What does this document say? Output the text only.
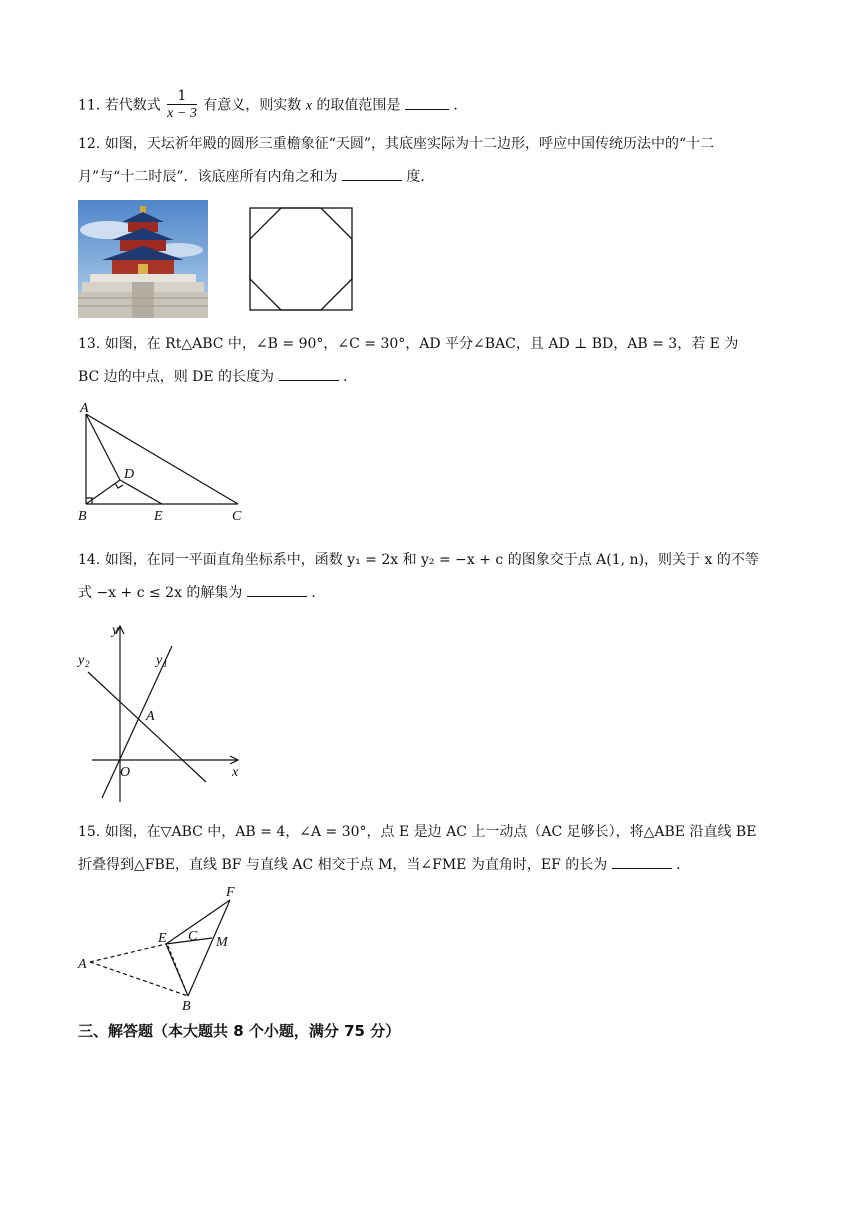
11. 若代数式 $\frac{1}{x - 3}$ 有意义，则实数 x 的取值范围是	.
12. 如图，天坛祈年殿的圆形三重檐象征“天圆”，其底座实际为十二边形，呼应中国传统历法中的“十二
月”与“十二时辰”．该底座所有内角之和为	度．
13. 如图，在 Rt△ABC 中，∠B = 90°，∠C = 30°，AD 平分∠BAC，且 AD ⊥ BD，AB = 3，若 E 为
BC 边的中点，则 DE 的长度为	.
A
B	C
D
E
14. 如图，在同一平面直角坐标系中，函数 y₁ = 2x 和 y₂ = −x + c 的图象交于点 A(1, n)，则关于 x 的不等
式 −x + c ≤ 2x 的解集为	.
y
x
O
A
y 1
y 2
15. 如图，在▽ABC 中，AB = 4，∠A = 30°，点 E 是边 AC 上一动点（AC 足够长），将△ABE 沿直线 BE
折叠得到△FBE，直线 BF 与直线 AC 相交于点 M，当∠FME 为直角时，EF 的长为	.
A
B
C
E
F
M
三、解答题（本大题共 8 个小题，满分 75 分）
